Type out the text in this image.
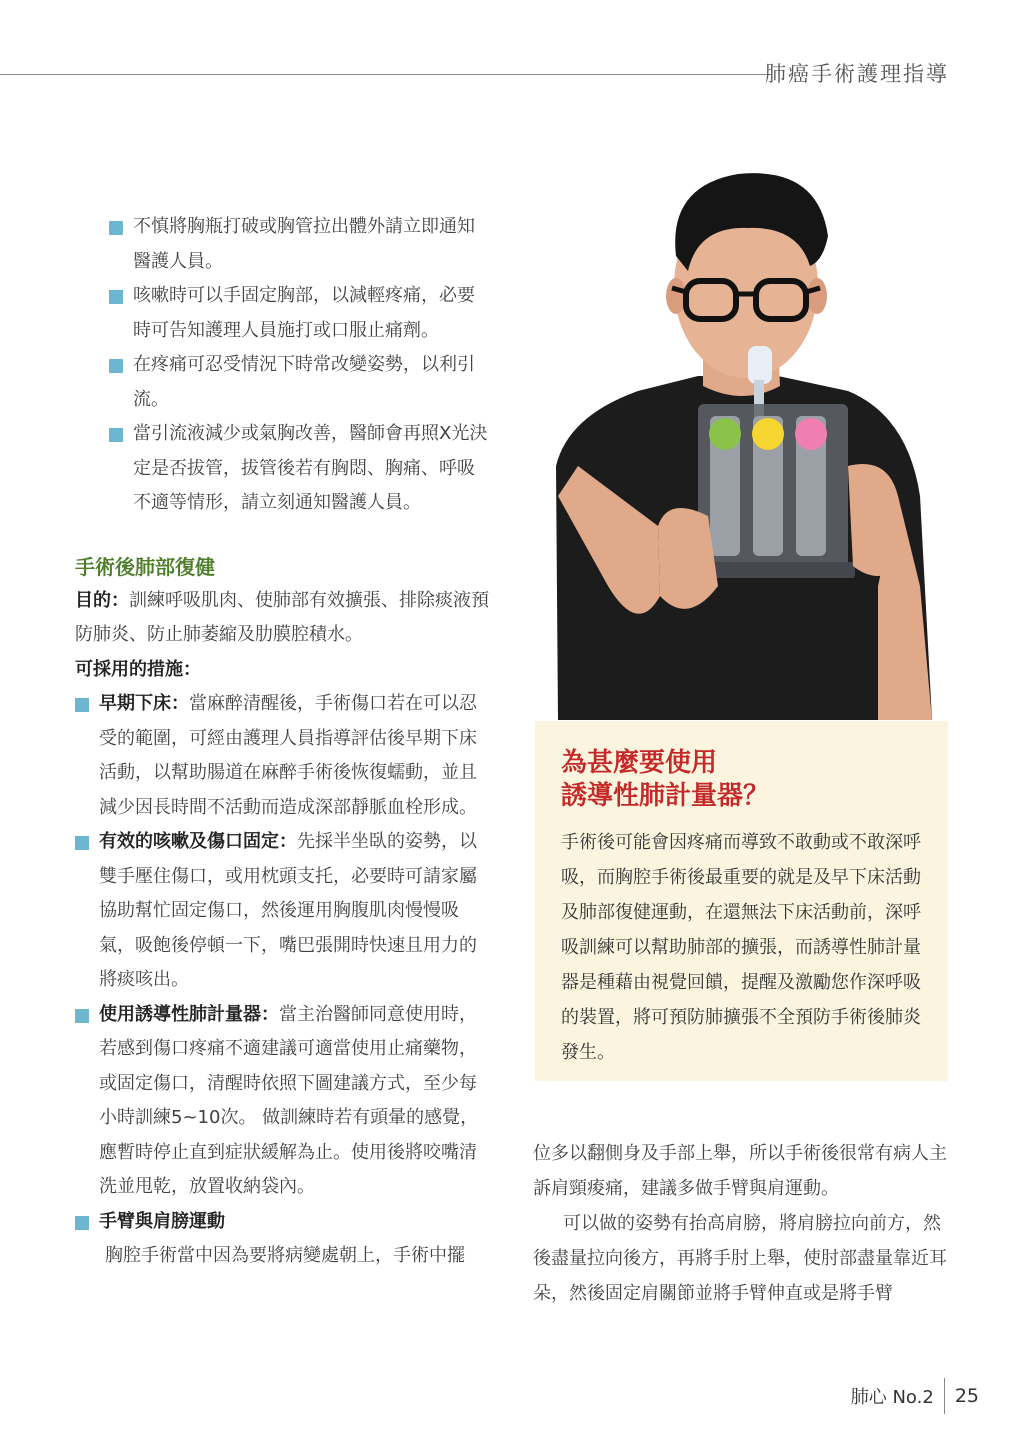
肺癌手術護理指導
不慎將胸瓶打破或胸管拉出體外請立即通知醫護人員。
咳嗽時可以手固定胸部，以減輕疼痛，必要時可告知護理人員施打或口服止痛劑。
在疼痛可忍受情況下時常改變姿勢，以利引流。
當引流液減少或氣胸改善，醫師會再照X光決定是否拔管，拔管後若有胸悶、胸痛、呼吸不適等情形，請立刻通知醫護人員。
手術後肺部復健
目的：訓練呼吸肌肉、使肺部有效擴張、排除痰液預防肺炎、防止肺萎縮及肋膜腔積水。
可採用的措施：
早期下床：當麻醉清醒後，手術傷口若在可以忍受的範圍，可經由護理人員指導評估後早期下床活動，以幫助腸道在麻醉手術後恢復蠕動，並且減少因長時間不活動而造成深部靜脈血栓形成。
有效的咳嗽及傷口固定：先採半坐臥的姿勢，以雙手壓住傷口，或用枕頭支托，必要時可請家屬協助幫忙固定傷口，然後運用胸腹肌肉慢慢吸氣，吸飽後停頓一下，嘴巴張開時快速且用力的將痰咳出。
使用誘導性肺計量器：當主治醫師同意使用時，若感到傷口疼痛不適建議可適當使用止痛藥物，或固定傷口，清醒時依照下圖建議方式，至少每小時訓練5~10次。 做訓練時若有頭暈的感覺，應暫時停止直到症狀緩解為止。使用後將咬嘴清洗並甩乾，放置收納袋內。
手臂與肩膀運動
胸腔手術當中因為要將病變處朝上，手術中擺
為甚麼要使用
誘導性肺計量器？
手術後可能會因疼痛而導致不敢動或不敢深呼吸，而胸腔手術後最重要的就是及早下床活動及肺部復健運動，在還無法下床活動前，深呼吸訓練可以幫助肺部的擴張，而誘導性肺計量器是種藉由視覺回饋，提醒及激勵您作深呼吸的裝置，將可預防肺擴張不全預防手術後肺炎發生。
位多以翻側身及手部上舉，所以手術後很常有病人主訴肩頸痠痛，建議多做手臂與肩運動。
可以做的姿勢有抬高肩膀，將肩膀拉向前方，然後盡量拉向後方，再將手肘上舉，使肘部盡量靠近耳朵，然後固定肩關節並將手臂伸直或是將手臂
肺心 No.2 25
